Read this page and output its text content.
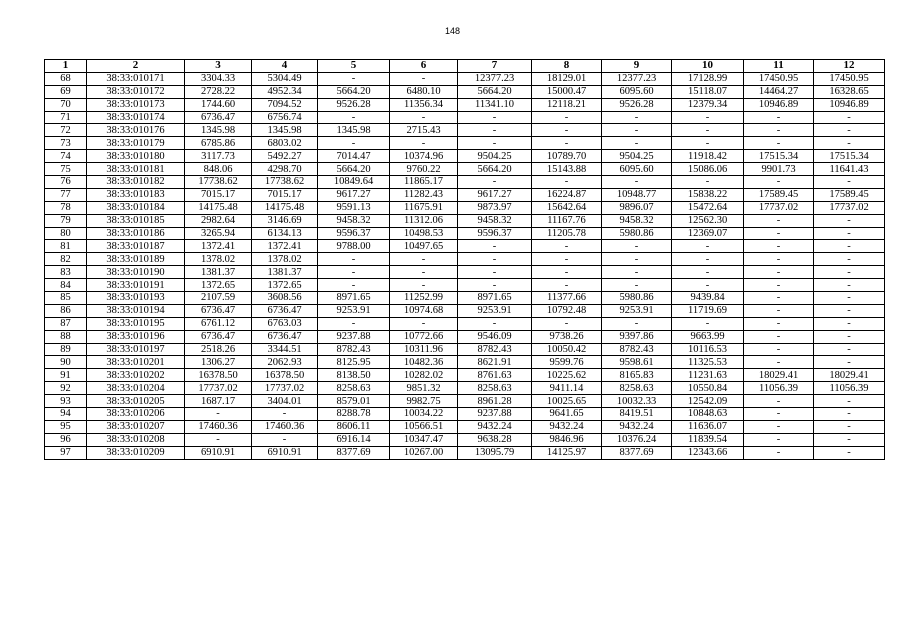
148
1	2	3	4	5	6	7	8	9	10	11	12
68	38:33:010171	3304.33	5304.49	-	-	12377.23	18129.01	12377.23	17128.99	17450.95	17450.95
69	38:33:010172	2728.22	4952.34	5664.20	6480.10	5664.20	15000.47	6095.60	15118.07	14464.27	16328.65
70	38:33:010173	1744.60	7094.52	9526.28	11356.34	11341.10	12118.21	9526.28	12379.34	10946.89	10946.89
71	38:33:010174	6736.47	6756.74	-	-	-	-	-	-	-	-
72	38:33:010176	1345.98	1345.98	1345.98	2715.43	-	-	-	-	-	-
73	38:33:010179	6785.86	6803.02	-	-	-	-	-	-	-	-
74	38:33:010180	3117.73	5492.27	7014.47	10374.96	9504.25	10789.70	9504.25	11918.42	17515.34	17515.34
75	38:33:010181	848.06	4298.70	5664.20	9760.22	5664.20	15143.88	6095.60	15086.06	9901.73	11641.43
76	38:33:010182	17738.62	17738.62	10849.64	11865.17	-	-	-	-	-	-
77	38:33:010183	7015.17	7015.17	9617.27	11282.43	9617.27	16224.87	10948.77	15838.22	17589.45	17589.45
78	38:33:010184	14175.48	14175.48	9591.13	11675.91	9873.97	15642.64	9896.07	15472.64	17737.02	17737.02
79	38:33:010185	2982.64	3146.69	9458.32	11312.06	9458.32	11167.76	9458.32	12562.30	-	-
80	38:33:010186	3265.94	6134.13	9596.37	10498.53	9596.37	11205.78	5980.86	12369.07	-	-
81	38:33:010187	1372.41	1372.41	9788.00	10497.65	-	-	-	-	-	-
82	38:33:010189	1378.02	1378.02	-	-	-	-	-	-	-	-
83	38:33:010190	1381.37	1381.37	-	-	-	-	-	-	-	-
84	38:33:010191	1372.65	1372.65	-	-	-	-	-	-	-	-
85	38:33:010193	2107.59	3608.56	8971.65	11252.99	8971.65	11377.66	5980.86	9439.84	-	-
86	38:33:010194	6736.47	6736.47	9253.91	10974.68	9253.91	10792.48	9253.91	11719.69	-	-
87	38:33:010195	6761.12	6763.03	-	-	-	-	-	-	-	-
88	38:33:010196	6736.47	6736.47	9237.88	10772.66	9546.09	9738.26	9397.86	9663.99	-	-
89	38:33:010197	2518.26	3344.51	8782.43	10311.96	8782.43	10050.42	8782.43	10116.53	-	-
90	38:33:010201	1306.27	2062.93	8125.95	10482.36	8621.91	9599.76	9598.61	11325.53	-	-
91	38:33:010202	16378.50	16378.50	8138.50	10282.02	8761.63	10225.62	8165.83	11231.63	18029.41	18029.41
92	38:33:010204	17737.02	17737.02	8258.63	9851.32	8258.63	9411.14	8258.63	10550.84	11056.39	11056.39
93	38:33:010205	1687.17	3404.01	8579.01	9982.75	8961.28	10025.65	10032.33	12542.09	-	-
94	38:33:010206	-	-	8288.78	10034.22	9237.88	9641.65	8419.51	10848.63	-	-
95	38:33:010207	17460.36	17460.36	8606.11	10566.51	9432.24	9432.24	9432.24	11636.07	-	-
96	38:33:010208	-	-	6916.14	10347.47	9638.28	9846.96	10376.24	11839.54	-	-
97	38:33:010209	6910.91	6910.91	8377.69	10267.00	13095.79	14125.97	8377.69	12343.66	-	-
